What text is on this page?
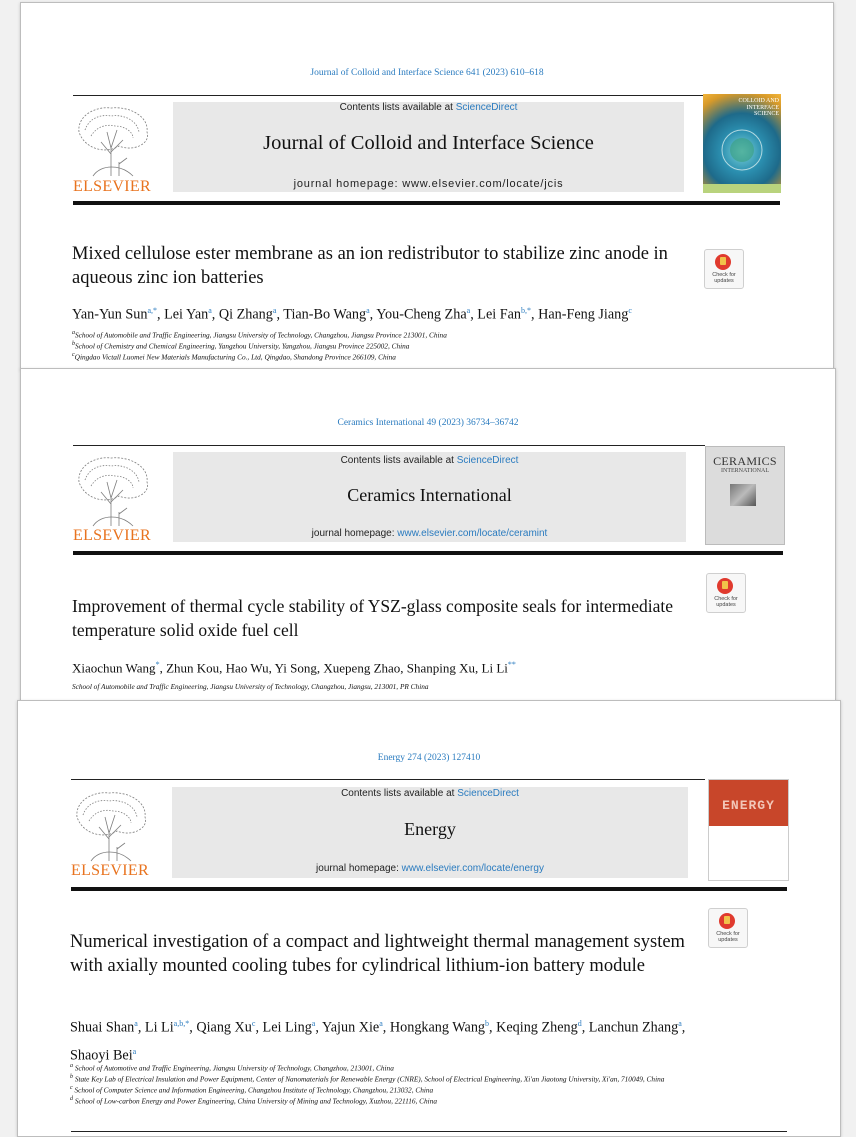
Journal of Colloid and Interface Science 641 (2023) 610–618
ELSEVIER
Contents lists available at ScienceDirect
Journal of Colloid and Interface Science
journal homepage: www.elsevier.com/locate/jcis
COLLOID AND INTERFACE SCIENCE
Mixed cellulose ester membrane as an ion redistributor to stabilize zinc anode in aqueous zinc ion batteries	Check for updates
Yan-Yun Sun$^{a,*}$, Lei Yan$^a$, Qi Zhang$^a$, Tian-Bo Wang$^a$, You-Cheng Zha$^a$, Lei Fan$^{b,*}$, Han-Feng Jiang$^c$
$^a$School of Automobile and Traffic Engineering, Jiangsu University of Technology, Changzhou, Jiangsu Province 213001, China
$^b$School of Chemistry and Chemical Engineering, Yangzhou University, Yangzhou, Jiangsu Province 225002, China
$^c$Qingdao Victall Luomei New Materials Manufacturing Co., Ltd, Qingdao, Shandong Province 266109, China
Ceramics International 49 (2023) 36734–36742
ELSEVIER
Contents lists available at ScienceDirect
Ceramics International
journal homepage: www.elsevier.com/locate/ceramint
CERAMICS
INTERNATIONAL
Improvement of thermal cycle stability of YSZ-glass composite seals for intermediate temperature solid oxide fuel cell
Check for updates
Xiaochun Wang*, Zhun Kou, Hao Wu, Yi Song, Xuepeng Zhao, Shanping Xu, Li Li**
School of Automobile and Traffic Engineering, Jiangsu University of Technology, Changzhou, Jiangsu, 213001, PR China
Energy 274 (2023) 127410
ELSEVIER
Contents lists available at ScienceDirect
Energy
journal homepage: www.elsevier.com/locate/energy
ENERGY
Numerical investigation of a compact and lightweight thermal management system with axially mounted cooling tubes for cylindrical lithium-ion battery module
Check for updates
Shuai Shan$^a$, Li $Li^{a,b,*}$, Qiang Xu$^c$, Lei Ling$^a$, Yajun Xie$^a$, Hongkang Wang$^b$, Keqing Zheng$^d$, Lanchun Zhang$^a$, Shaoyi Bei$^a$
$^a$ School of Automotive and Traffic Engineering, Jiangsu University of Technology, Changzhou, 213001, China
$^b$ State Key Lab of Electrical Insulation and Power Equipment, Center of Nanomaterials for Renewable Energy (CNRE), School of Electrical Engineering, Xi'an Jiaotong University, Xi'an, 710049, China
$^c$ School of Computer Science and Information Engineering, Changzhou Institute of Technology, Changzhou, 213032, China
$^d$ School of Low-carbon Energy and Power Engineering, China University of Mining and Technology, Xuzhou, 221116, China
